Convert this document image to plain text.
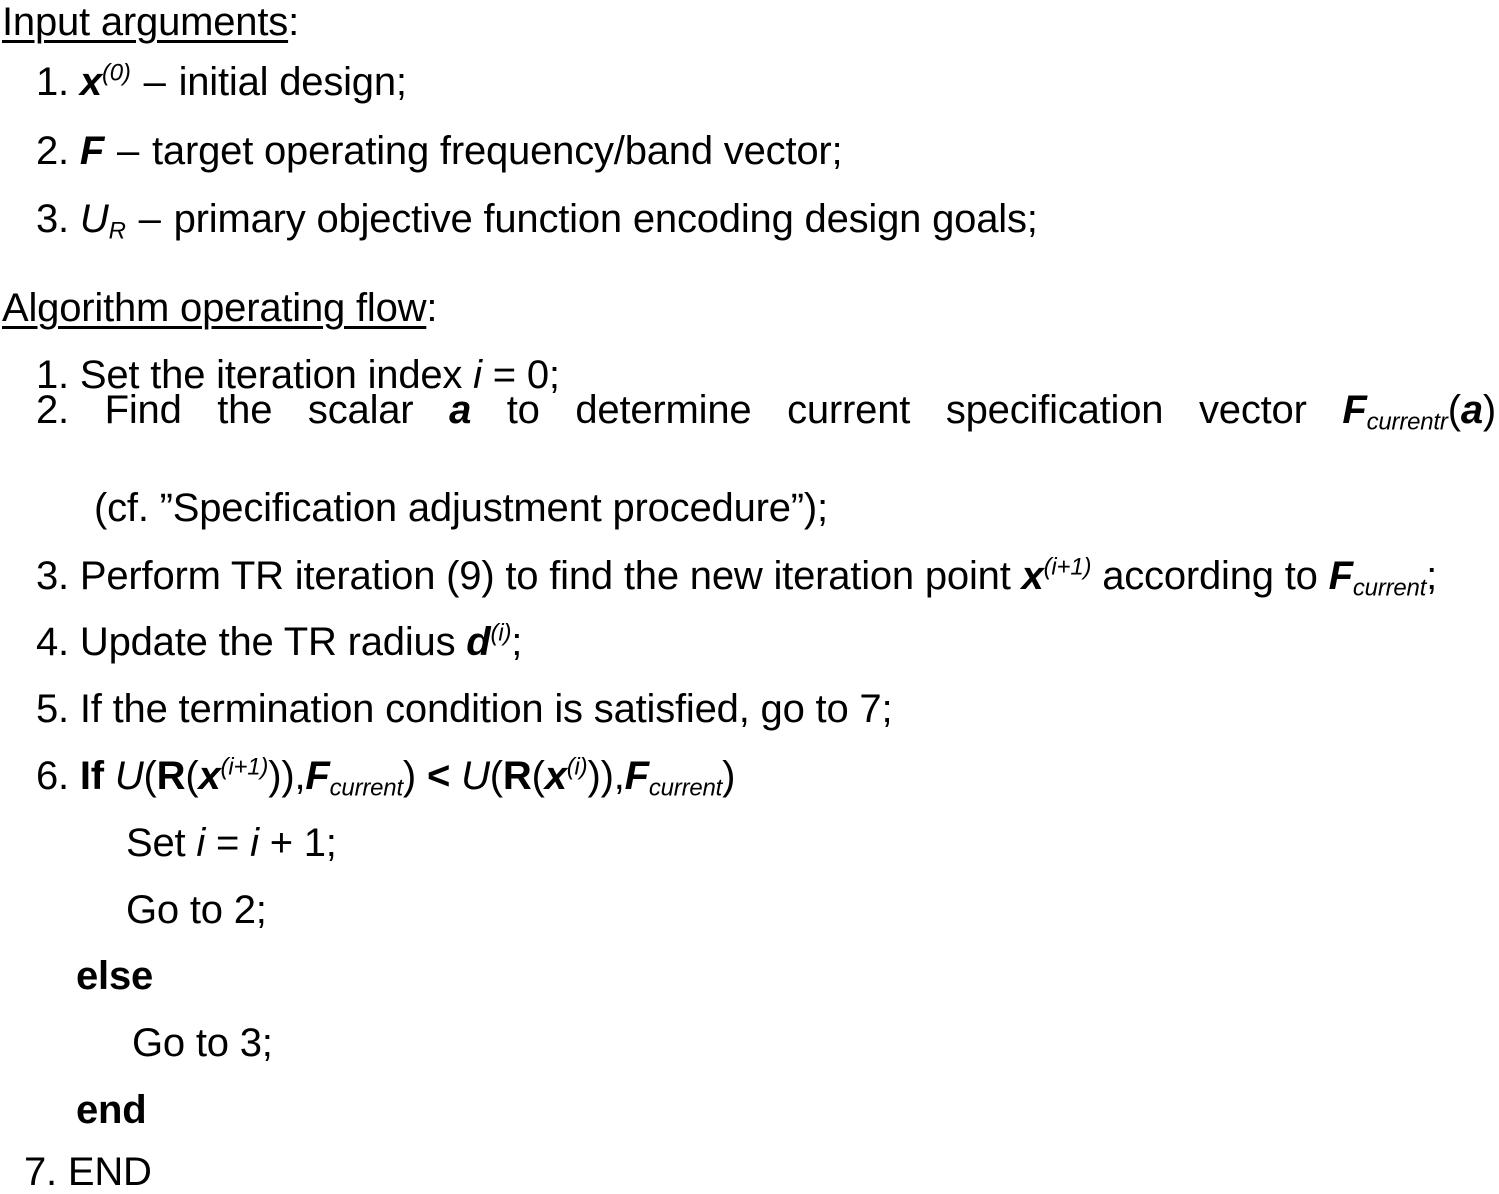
Input arguments:
1. $x^{(0)}$ – initial design;
2. F – target operating frequency/band vector;
3. $U_R$ – primary objective function encoding design goals;
Algorithm operating flow:
1. Set the iteration index i = 0;
2. Find the scalar a to determine current specification vector $F_{currentr}(a)$
(cf. ”Specification adjustment procedure”);
3. Perform TR iteration (9) to find the new iteration point $x^{(i+1)}$ according to $F_{current}$;
4. Update the TR radius $d^{(i)}$;
5. If the termination condition is satisfied, go to 7;
6. If $U(R(x^{(i+1)})),F_{current}) < U(R(x^{(i)})),F_{current}$)
Set i = i + 1;
Go to 2;
else
Go to 3;
end
7. END
